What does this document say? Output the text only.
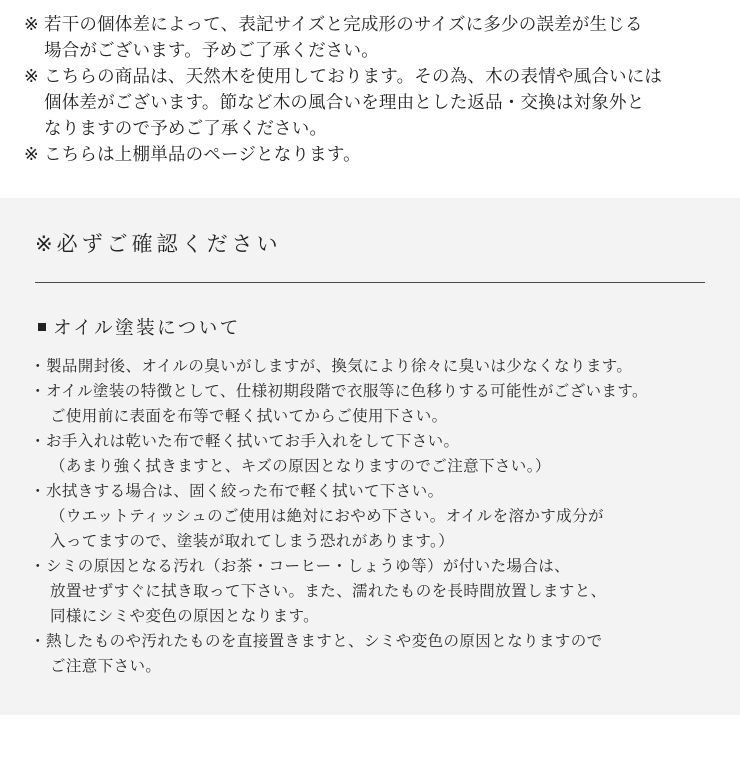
※ 若干の個体差によって、表記サイズと完成形のサイズに多少の誤差が生じる
場合がございます。予めご了承ください。
※ こちらの商品は、天然木を使用しております。その為、木の表情や風合いには
個体差がございます。節など木の風合いを理由とした返品・交換は対象外と
なりますので予めご了承ください。
※ こちらは上棚単品のページとなります。
※必ずご確認ください
オイル塗装について
・ 製品開封後、オイルの臭いがしますが、換気により徐々に臭いは少なくなります。
・ オイル塗装の特徴として、仕様初期段階で衣服等に色移りする可能性がございます。
ご使用前に表面を布等で軽く拭いてからご使用下さい。
・ お手入れは乾いた布で軽く拭いてお手入れをして下さい。
（あまり強く拭きますと、キズの原因となりますのでご注意下さい。）
・ 水拭きする場合は、固く絞った布で軽く拭いて下さい。
（ウエットティッシュのご使用は絶対におやめ下さい。オイルを溶かす成分が
入ってますので、塗装が取れてしまう恐れがあります。）
・ シミの原因となる汚れ（お茶・コーヒー・しょうゆ等）が付いた場合は、
放置せずすぐに拭き取って下さい。また、濡れたものを長時間放置しますと、
同様にシミや変色の原因となります。
・ 熱したものや汚れたものを直接置きますと、シミや変色の原因となりますので
ご注意下さい。
